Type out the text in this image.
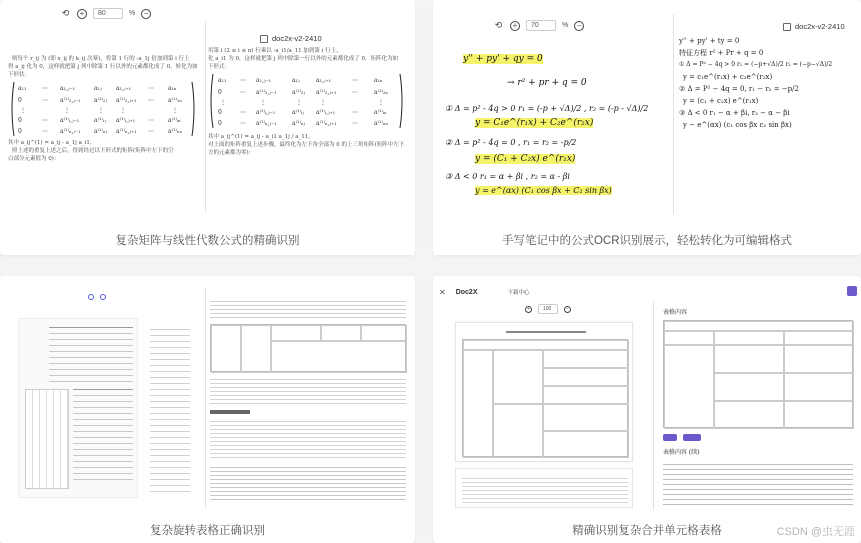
⟲	+	80	%	−
则每个 r_ij 为 (即 x_ij 的 k_ij 次幂)，将第 1 行的 -a_1j 倍加到第 i 行上
得 a_ij 化为 0，这样就把第 j 列中除第 1 行以外的元素都化成了 0，转化为如
下形状：
a₁₁	⋯ a₁,ⱼ₋₁	a₁ⱼ a₁,ⱼ₊₁	⋯ a₁ₙ
0	⋯ a⁽¹⁾₂,ⱼ₋₁ a⁽¹⁾₂ⱼ a⁽¹⁾₂,ⱼ₊₁ ⋯ a⁽¹⁾₂ₙ
⋮	⋮	⋮	⋮	⋮
0	⋯ a⁽¹⁾ᵢ,ⱼ₋₁ a⁽¹⁾ᵢⱼ a⁽¹⁾ᵢ,ⱼ₊₁ ⋯ a⁽¹⁾ᵢₙ
0	⋯ a⁽¹⁾ₙ,ⱼ₋₁ a⁽¹⁾ₙⱼ a⁽¹⁾ₙ,ⱼ₊₁ ⋯ a⁽¹⁾ₙₙ
其中 a_ij^(1) = a_ij - a_1j a_i1，
照上述的重复上述之后，得到经过以下形式的矩阵(矩阵中左下的空
白部分元素值为 0)：
doc2x-v2-2410
用第 i (2 ≤ i ≤ n) 行乘以 -a_i1/a_11 加到第 i 行上，
化 a_i1 为 0，这样就把第 j 列中除第一行以外的元素都化成了 0，矩阵化为如
下形式：
a₁₁ ⋯ a₁,ⱼ₋₁	a₁ⱼ	a₁,ⱼ₊₁	⋯	a₁ₙ
0	⋯ a⁽¹⁾₂,ⱼ₋₁	a⁽¹⁾₂ⱼ a⁽¹⁾₂,ⱼ₊₁	⋯	a⁽¹⁾₂ₙ
⋮	⋮	⋮	⋮	⋮
0	⋯ a⁽¹⁾ᵢ,ⱼ₋₁	a⁽¹⁾ᵢⱼ a⁽¹⁾ᵢ,ⱼ₊₁	⋯	a⁽¹⁾ᵢₙ
0	⋯ a⁽¹⁾ₙ,ⱼ₋₁	a⁽¹⁾ₙⱼ a⁽¹⁾ₙ,ⱼ₊₁	⋯	a⁽¹⁾ₙₙ
其中 a_ij^(1) = a_ij - a_i1 a_1j / a_11，
对上面的矩阵重复上述步骤，最终化为左下角全部为 0 的上三角矩阵(矩阵中左下
方的元素都为零)：
复杂矩阵与线性代数公式的精确识别
⟲	+	70	%	−	doc2x-v2-2410
y'' + py' + qy = 0
→ r² + pr + q = 0
① Δ = p² - 4q > 0 r₁ = (-p + √Δ)/2 , r₂ = (-p - √Δ)/2
y = C₁e^(r₁x) + C₂e^(r₂x)
② Δ = p² - 4q = 0 , r₁ = r₂ = -p/2
y = (C₁ + C₂x) e^(r₁x)
③ Δ < 0 r₁ = α + βi , r₂ = α - βi
y = e^(αx) (C₁ cos βx + C₂ sin βx)
y'' + py' + ty = 0
特征方程 r² + Pr + q = 0
① Δ = P² − 4q > 0 r₁ = (−p+√Δ)/2 r₂ = (−p−√Δ)/2
y = c₁e^(r₁x) + c₂e^(r₂x)
② Δ = P² − 4q = 0, r₁ − r₂ = −p/2
y = (c₁ + c₂x) e^(r₁x)
③ Δ < 0 r₁ − α + βi, r₂ − α − βi
y − e^(αx) (c₁ cos βx c₂ sin βx)
手写笔记中的公式OCR识别展示，轻松转化为可编辑格式
复杂旋转表格正确识别
✕ Doc2X	下载中心
+	100	−
表格内容
表格内容 (续)
精确识别复杂合并单元格表格	CSDN @虫无涯
